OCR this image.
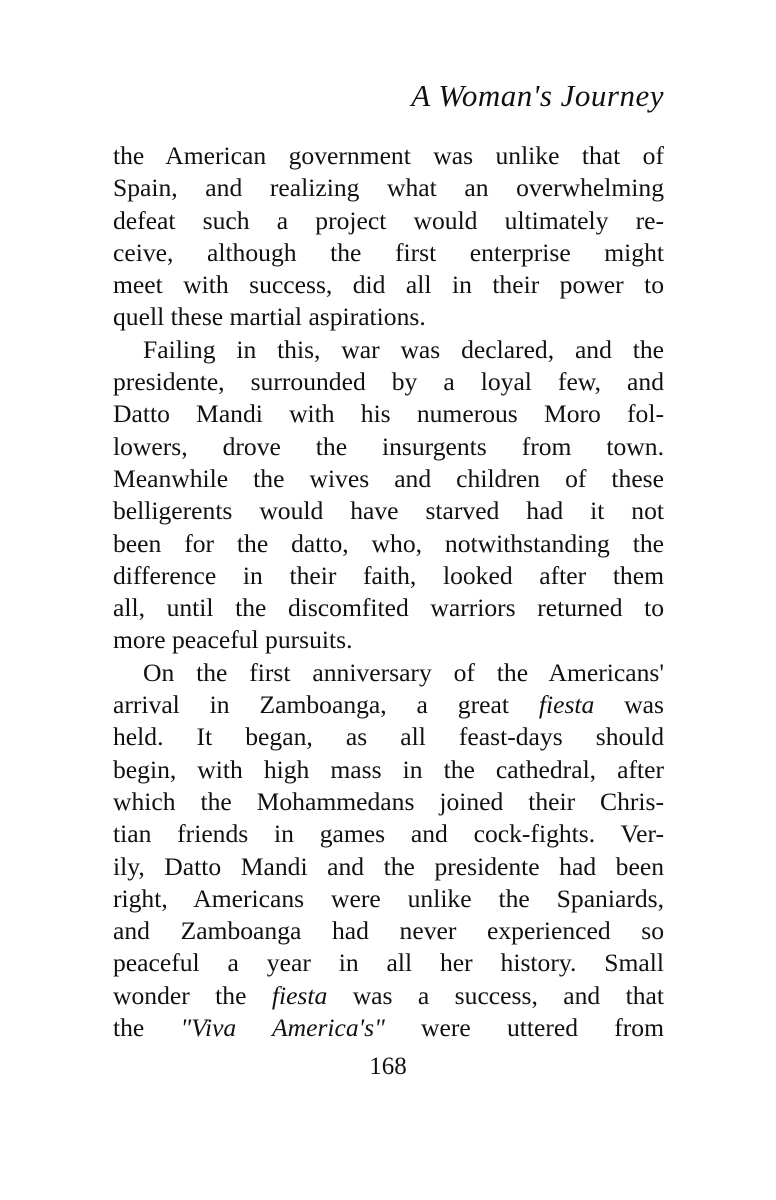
A Woman's Journey
the American government was unlike that of
Spain, and realizing what an overwhelming
defeat such a project would ultimately re-
ceive, although the first enterprise might
meet with success, did all in their power to
quell these martial aspirations.
Failing in this, war was declared, and the
presidente, surrounded by a loyal few, and
Datto Mandi with his numerous Moro fol-
lowers, drove the insurgents from town.
Meanwhile the wives and children of these
belligerents would have starved had it not
been for the datto, who, notwithstanding the
difference in their faith, looked after them
all, until the discomfited warriors returned to
more peaceful pursuits.
On the first anniversary of the Americans'
arrival in Zamboanga, a great fiesta was
held. It began, as all feast-days should
begin, with high mass in the cathedral, after
which the Mohammedans joined their Chris-
tian friends in games and cock-fights. Ver-
ily, Datto Mandi and the presidente had been
right, Americans were unlike the Spaniards,
and Zamboanga had never experienced so
peaceful a year in all her history. Small
wonder the fiesta was a success, and that
the "Viva America's" were uttered from
168
